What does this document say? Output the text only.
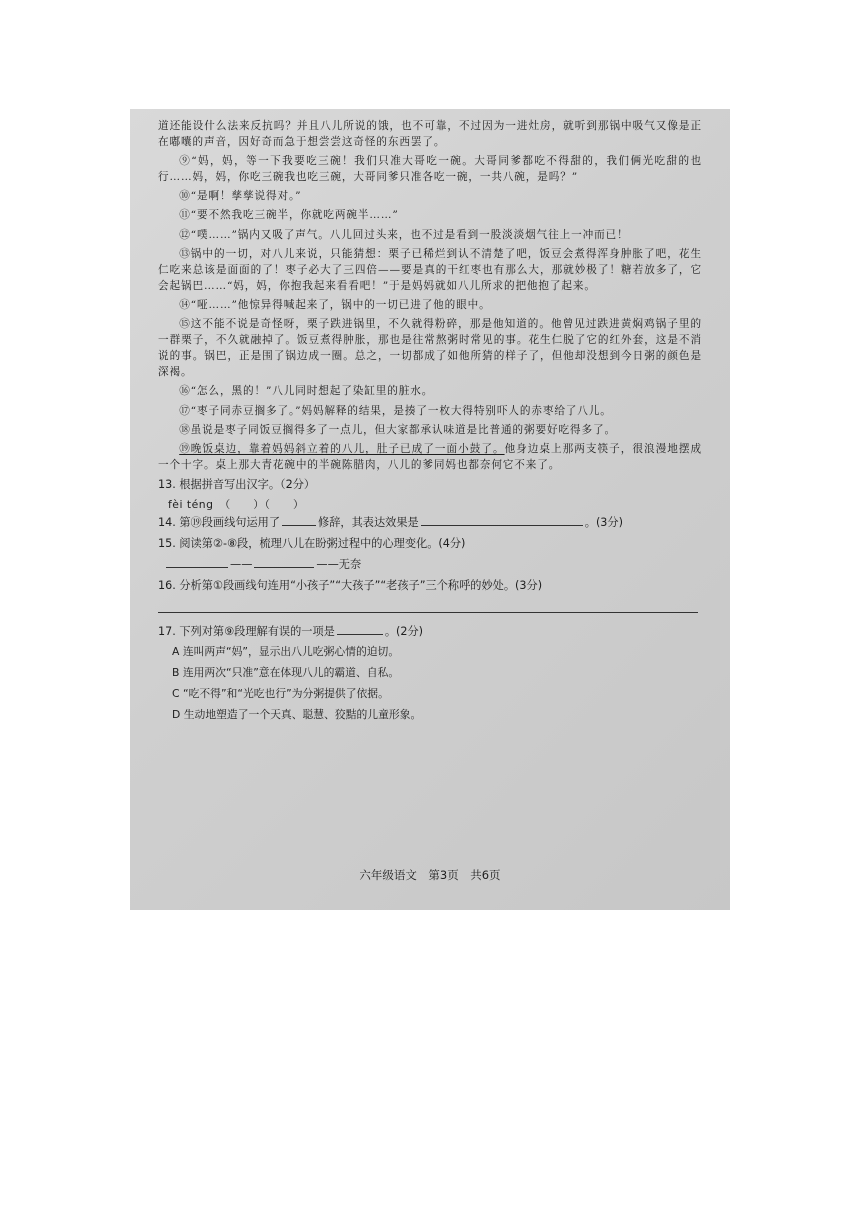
道还能设什么法来反抗吗？并且八儿所说的饿，也不可靠，不过因为一进灶房，就听到那锅中吸气又像是正在嘟囔的声音，因好奇而急于想尝尝这奇怪的东西罢了。

⑨“妈，妈，等一下我要吃三碗！我们只准大哥吃一碗。大哥同爹都吃不得甜的，我们俩光吃甜的也行……妈，妈，你吃三碗我也吃三碗，大哥同爹只准各吃一碗，一共八碗，是吗？”

⑩“是啊！孳孳说得对。”

⑪“要不然我吃三碗半，你就吃两碗半……”

⑫“噗……”锅内又吸了声气。八儿回过头来，也不过是看到一股淡淡烟气往上一冲而已！

⑬锅中的一切，对八儿来说，只能猜想：栗子已稀烂到认不清楚了吧，饭豆会煮得浑身肿胀了吧，花生仁吃来总该是面面的了！枣子必大了三四倍——要是真的干红枣也有那么大，那就妙极了！糖若放多了，它会起锅巴……“妈，妈，你抱我起来看看吧！”于是妈妈就如八儿所求的把他抱了起来。

⑭“哑……”他惊异得喊起来了，锅中的一切已进了他的眼中。

⑮这不能不说是奇怪呀，栗子跌进锅里，不久就得粉碎，那是他知道的。他曾见过跌进黄焖鸡锅子里的一群栗子，不久就融掉了。饭豆煮得肿胀，那也是往常熬粥时常见的事。花生仁脱了它的红外套，这是不消说的事。锅巴，正是围了锅边成一圈。总之，一切都成了如他所猜的样子了，但他却没想到今日粥的颜色是深褐。

⑯“怎么，黑的！”八儿同时想起了染缸里的脏水。

⑰“枣子同赤豆搁多了。”妈妈解释的结果，是揍了一枚大得特别吓人的赤枣给了八儿。

⑱虽说是枣子同饭豆搁得多了一点儿，但大家都承认味道是比普通的粥要好吃得多了。

⑲晚饭桌边，靠着妈妈斜立着的八儿，肚子已成了一面小鼓了。他身边桌上那两支筷子，很浪漫地摆成一个十字。桌上那大青花碗中的半碗陈腊肉，八儿的爹同妈也都奈何它不来了。

13. 根据拼音写出汉字。（2分）
fèi téng　（　　）（　　）
14. 第⑲段画线句运用了	修辞，其表达效果是	。(3分)
15. 阅读第②-⑧段，梳理八儿在盼粥过程中的心理变化。(4分)
——	——无奈
16. 分析第①段画线句连用“小孩子”“大孩子”“老孩子”三个称呼的妙处。(3分)
17. 下列对第⑨段理解有误的一项是	。(2分)
A 连叫两声“妈”，显示出八儿吃粥心情的迫切。
B 连用两次“只准”意在体现八儿的霸道、自私。
C “吃不得”和“光吃也行”为分粥提供了依据。
D 生动地塑造了一个天真、聪慧、狡黠的儿童形象。
六年级语文　第3页　共6页
